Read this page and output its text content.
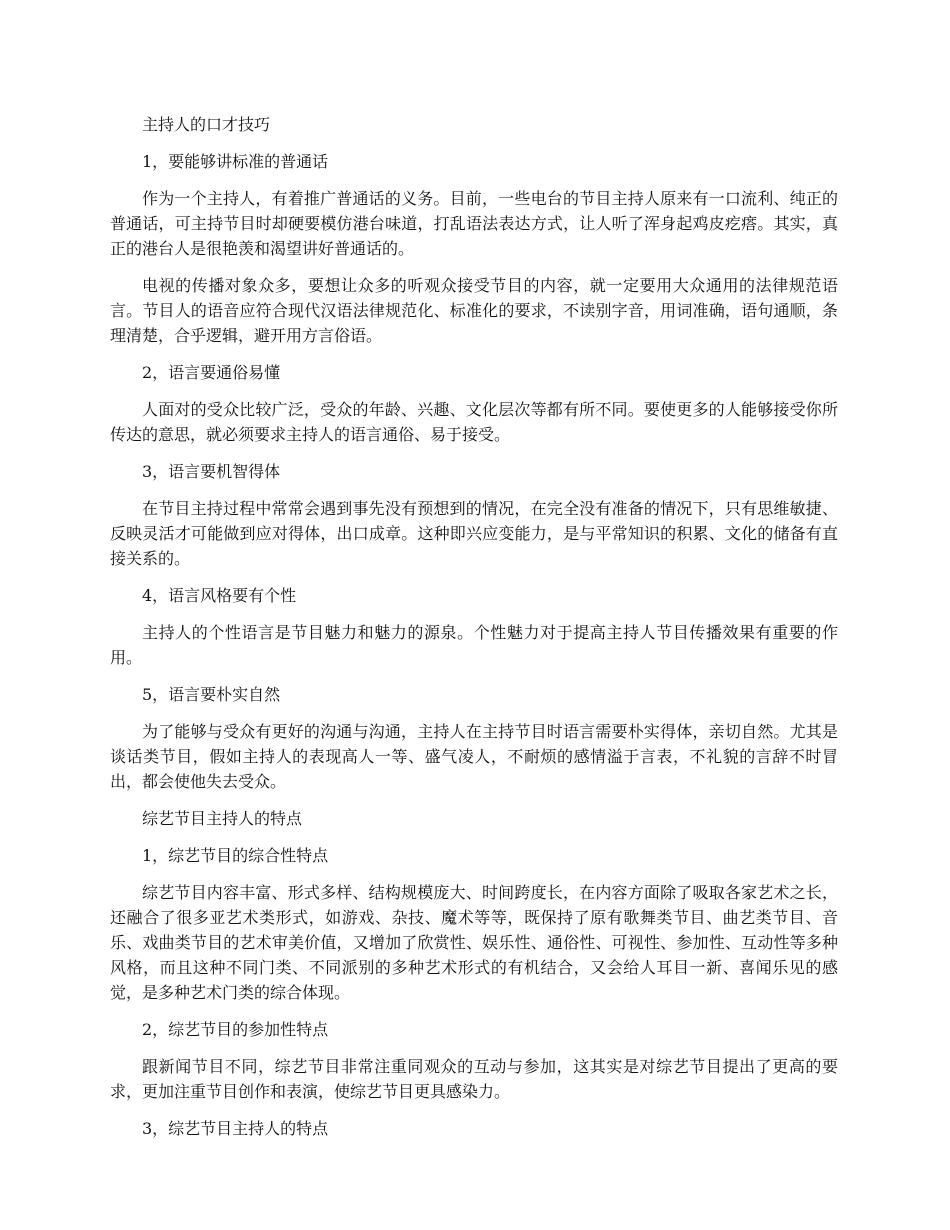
主持人的口才技巧

1，要能够讲标准的普通话

作为一个主持人，有着推广普通话的义务。目前，一些电台的节目主持人原来有一口流利、纯正的普通话，可主持节目时却硬要模仿港台味道，打乱语法表达方式，让人听了浑身起鸡皮疙瘩。其实，真正的港台人是很艳羡和渴望讲好普通话的。

电视的传播对象众多，要想让众多的听观众接受节目的内容，就一定要用大众通用的法律规范语言。节目人的语音应符合现代汉语法律规范化、标准化的要求，不读别字音，用词准确，语句通顺，条理清楚，合乎逻辑，避开用方言俗语。

2，语言要通俗易懂

人面对的受众比较广泛，受众的年龄、兴趣、文化层次等都有所不同。要使更多的人能够接受你所传达的意思，就必须要求主持人的语言通俗、易于接受。

3，语言要机智得体

在节目主持过程中常常会遇到事先没有预想到的情况，在完全没有准备的情况下，只有思维敏捷、反映灵活才可能做到应对得体，出口成章。这种即兴应变能力，是与平常知识的积累、文化的储备有直接关系的。

4，语言风格要有个性

主持人的个性语言是节目魅力和魅力的源泉。个性魅力对于提高主持人节目传播效果有重要的作用。

5，语言要朴实自然

为了能够与受众有更好的沟通与沟通，主持人在主持节目时语言需要朴实得体，亲切自然。尤其是谈话类节目，假如主持人的表现高人一等、盛气凌人，不耐烦的感情溢于言表，不礼貌的言辞不时冒出，都会使他失去受众。

综艺节目主持人的特点

1，综艺节目的综合性特点

综艺节目内容丰富、形式多样、结构规模庞大、时间跨度长，在内容方面除了吸取各家艺术之长，还融合了很多亚艺术类形式，如游戏、杂技、魔术等等，既保持了原有歌舞类节目、曲艺类节目、音乐、戏曲类节目的艺术审美价值，又增加了欣赏性、娱乐性、通俗性、可视性、参加性、互动性等多种风格，而且这种不同门类、不同派别的多种艺术形式的有机结合，又会给人耳目一新、喜闻乐见的感觉，是多种艺术门类的综合体现。

2，综艺节目的参加性特点

跟新闻节目不同，综艺节目非常注重同观众的互动与参加，这其实是对综艺节目提出了更高的要求，更加注重节目创作和表演，使综艺节目更具感染力。

3，综艺节目主持人的特点
